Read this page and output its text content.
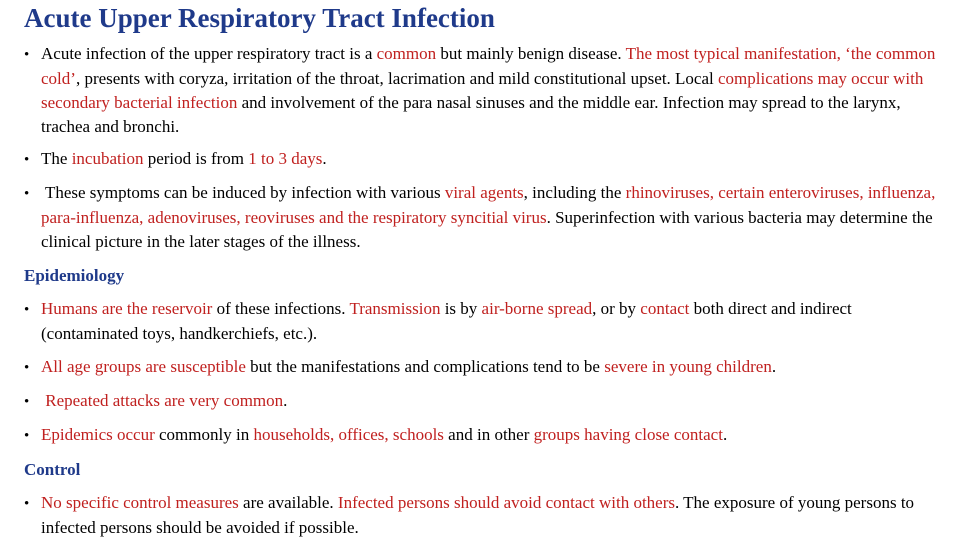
Acute Upper Respiratory Tract Infection
• Acute infection of the upper respiratory tract is a common but mainly benign disease. The most typical manifestation, ‘the common cold’, presents with coryza, irritation of the throat, lacrimation and mild constitutional upset. Local complications may occur with secondary bacterial infection and involvement of the para nasal sinuses and the middle ear. Infection may spread to the larynx, trachea and bronchi.
• The incubation period is from 1 to 3 days.
• These symptoms can be induced by infection with various viral agents, including the rhinoviruses, certain enteroviruses, influenza, para-influenza, adenoviruses, reoviruses and the respiratory syncitial virus. Superinfection with various bacteria may determine the clinical picture in the later stages of the illness.
Epidemiology
• Humans are the reservoir of these infections. Transmission is by air-borne spread, or by contact both direct and indirect (contaminated toys, handkerchiefs, etc.).
• All age groups are susceptible but the manifestations and complications tend to be severe in young children.
• Repeated attacks are very common.
• Epidemics occur commonly in households, offices, schools and in other groups having close contact.
Control
• No specific control measures are available. Infected persons should avoid contact with others. The exposure of young persons to infected persons should be avoided if possible.
